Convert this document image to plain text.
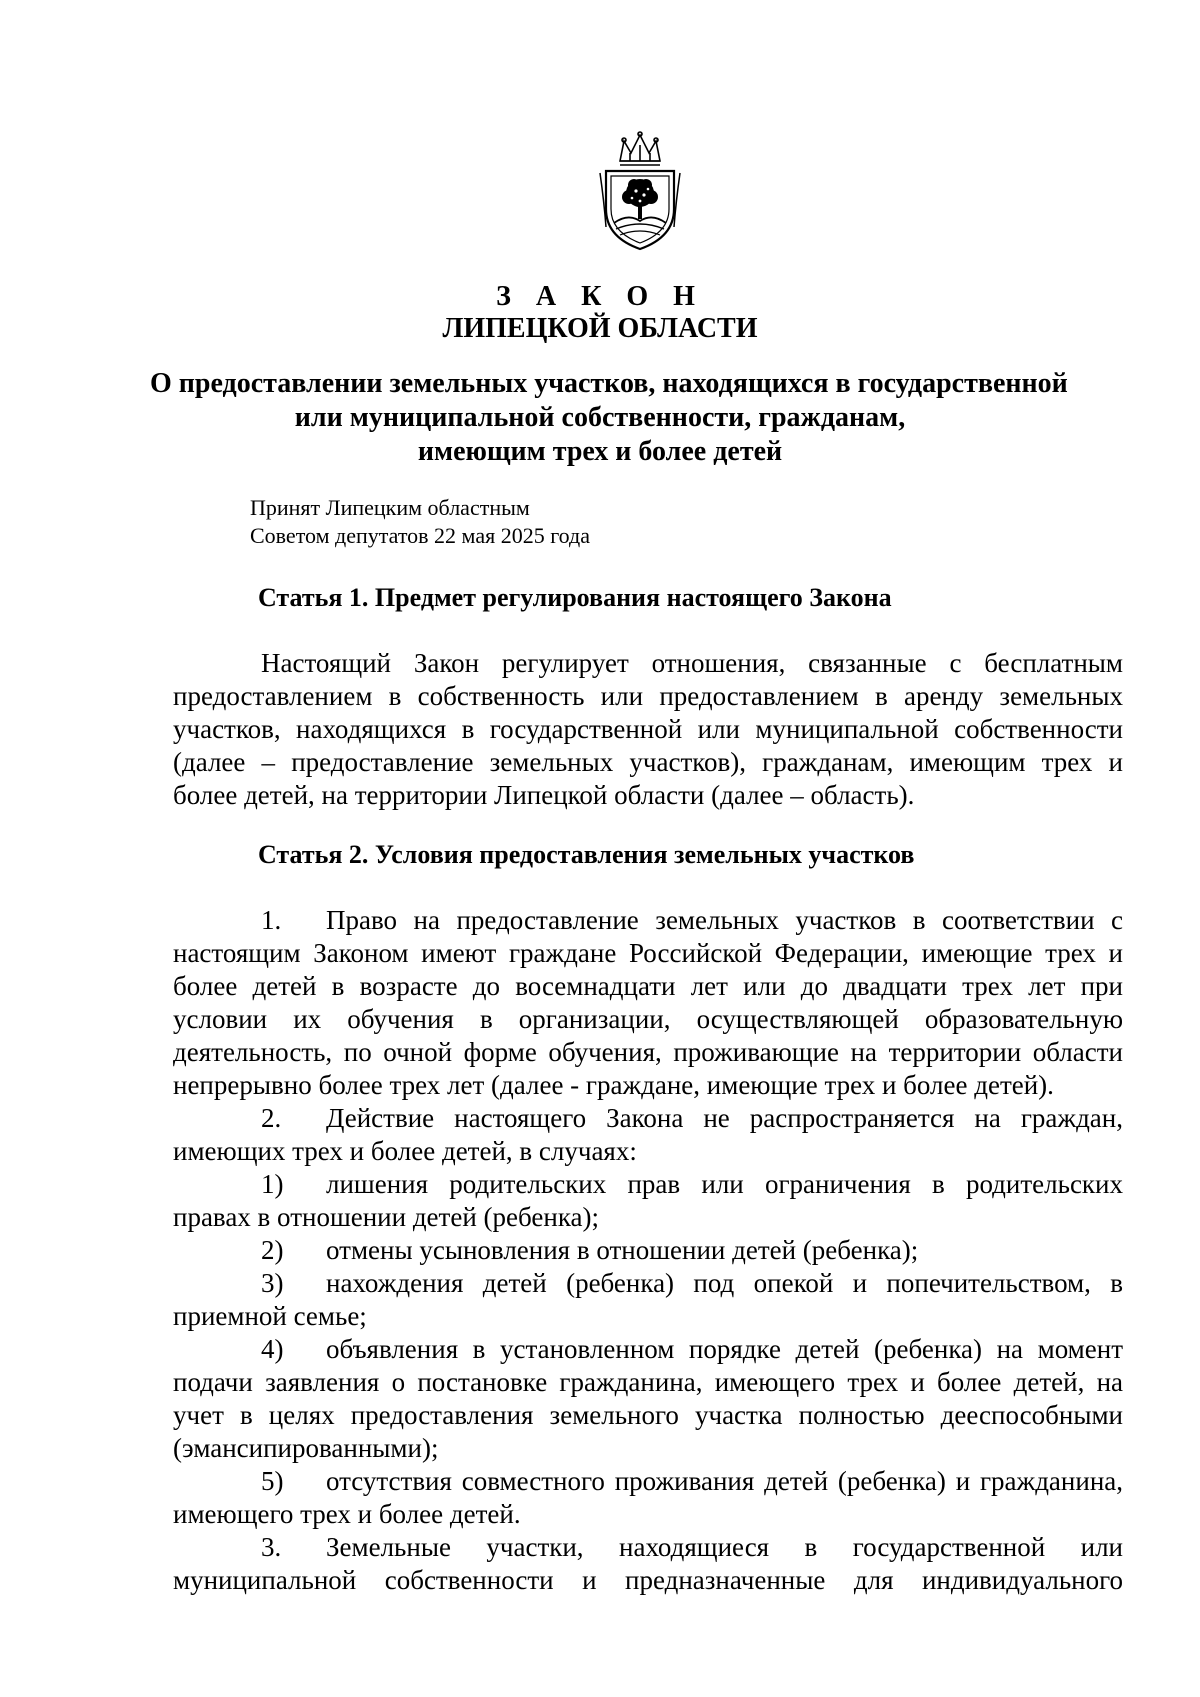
З А К О Н
ЛИПЕЦКОЙ ОБЛАСТИ
О предоставлении земельных участков, находящихся в государственной
или муниципальной собственности, гражданам,
имеющим трех и более детей
Принят Липецким областным
Советом депутатов 22 мая 2025 года
Статья 1. Предмет регулирования настоящего Закона
Настоящий Закон регулирует отношения, связанные с бесплатным
предоставлением в собственность или предоставлением в аренду земельных
участков, находящихся в государственной или муниципальной собственности
(далее – предоставление земельных участков), гражданам, имеющим трех и
более детей, на территории Липецкой области (далее – область).
Статья 2. Условия предоставления земельных участков
1.	Право на предоставление земельных участков в соответствии с
настоящим Законом имеют граждане Российской Федерации, имеющие трех и
более детей в возрасте до восемнадцати лет или до двадцати трех лет при
условии их обучения в организации, осуществляющей образовательную
деятельность, по очной форме обучения, проживающие на территории области
непрерывно более трех лет (далее - граждане, имеющие трех и более детей).
2.	Действие настоящего Закона не распространяется на граждан,
имеющих трех и более детей, в случаях:
1)	лишения родительских прав или ограничения в родительских
правах в отношении детей (ребенка);
2)	отмены усыновления в отношении детей (ребенка);
3)	нахождения детей (ребенка) под опекой и попечительством, в
приемной семье;
4)	объявления в установленном порядке детей (ребенка) на момент
подачи заявления о постановке гражданина, имеющего трех и более детей, на
учет в целях предоставления земельного участка полностью дееспособными
(эмансипированными);
5)	отсутствия совместного проживания детей (ребенка) и гражданина,
имеющего трех и более детей.
3.	Земельные участки, находящиеся в государственной или
муниципальной собственности и предназначенные для индивидуального
